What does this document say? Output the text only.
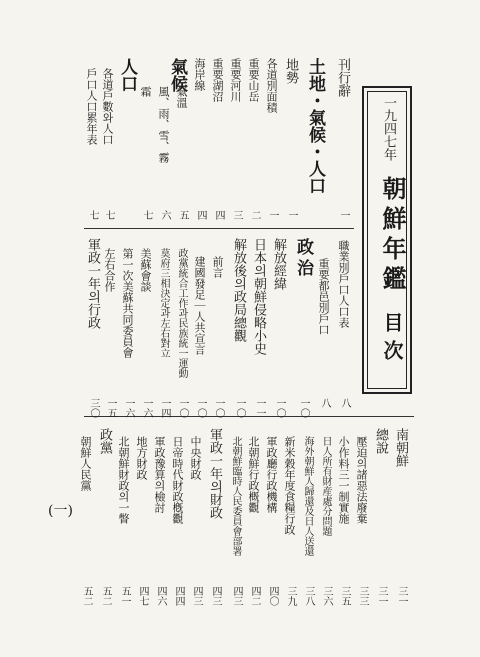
一九四七年
朝鮮年鑑
目次
刊行辭
一
土地・氣候・人口
地勢
一
各道別面積
一
重要山岳
二
重要河川
三
重要湖沼
四
海岸線
四
氣候
氣溫
五
風、雨、雪、霧
六
霜
七
人口
各道戶數와人口
七
戶口人口累年表
七
職業別戶口人口表
八
重要都邑別戶口
八
政治
一〇
解放經緯
一〇
日本의朝鮮侵略小史
一一
解放後의政局總觀
一〇
前言
一〇
建國發足｜人共宣言
一〇
政黨統合工作과民族統一運動
一〇
莫府三相決定과左右對立
一四
美蘇會談
一六
第一次美蘇共同委員會
一六
左右合作
一五
軍政一年의行政
三〇
南朝鮮
三一
總說
三一
壓迫의諸惡法廢棄
三三
小作料三一制實施
三五
日人所有財産處分問題
三六
海外朝鮮人歸還及日人送還
三八
新米穀年度食糧行政
三九
軍政廳行政機構
四〇
北朝鮮行政概觀
四二
北朝鮮臨時人民委員會部署
四三
軍政一年의財政
四三
中央財政
四三
日帝時代財政槪觀
四四
軍政豫算의檢討
四六
地方財政
四七
北朝鮮財政의一瞥
五一
政黨
五二
朝鮮人民黨
五二
(一)
